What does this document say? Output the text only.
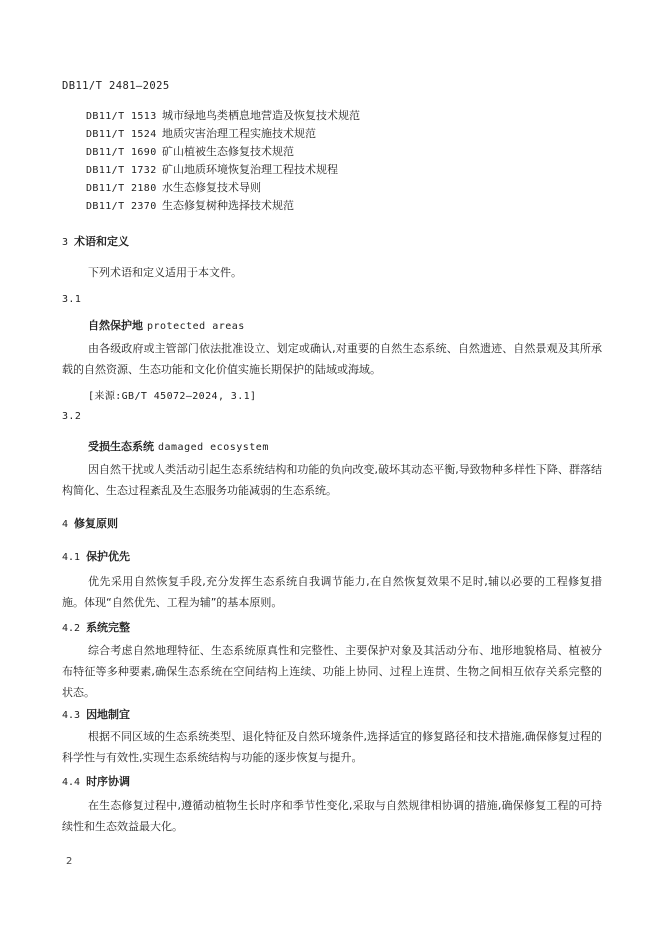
DB11/T 2481—2025
DB11/T 1513 城市绿地鸟类栖息地营造及恢复技术规范
DB11/T 1524 地质灾害治理工程实施技术规范
DB11/T 1690 矿山植被生态修复技术规范
DB11/T 1732 矿山地质环境恢复治理工程技术规程
DB11/T 2180 水生态修复技术导则
DB11/T 2370 生态修复树种选择技术规范
3 术语和定义
下列术语和定义适用于本文件。
3.1
自然保护地 protected areas
由各级政府或主管部门依法批准设立、划定或确认,对重要的自然生态系统、自然遗迹、自然景观及其所承载的自然资源、生态功能和文化价值实施长期保护的陆域或海域。
[来源:GB/T 45072—2024, 3.1]
3.2
受损生态系统 damaged ecosystem
因自然干扰或人类活动引起生态系统结构和功能的负向改变,破坏其动态平衡,导致物种多样性下降、群落结构简化、生态过程紊乱及生态服务功能减弱的生态系统。
4 修复原则
4.1 保护优先
优先采用自然恢复手段,充分发挥生态系统自我调节能力,在自然恢复效果不足时,辅以必要的工程修复措施。体现“自然优先、工程为辅”的基本原则。
4.2 系统完整
综合考虑自然地理特征、生态系统原真性和完整性、主要保护对象及其活动分布、地形地貌格局、植被分布特征等多种要素,确保生态系统在空间结构上连续、功能上协同、过程上连贯、生物之间相互依存关系完整的状态。
4.3 因地制宜
根据不同区域的生态系统类型、退化特征及自然环境条件,选择适宜的修复路径和技术措施,确保修复过程的科学性与有效性,实现生态系统结构与功能的逐步恢复与提升。
4.4 时序协调
在生态修复过程中,遵循动植物生长时序和季节性变化,采取与自然规律相协调的措施,确保修复工程的可持续性和生态效益最大化。
2
